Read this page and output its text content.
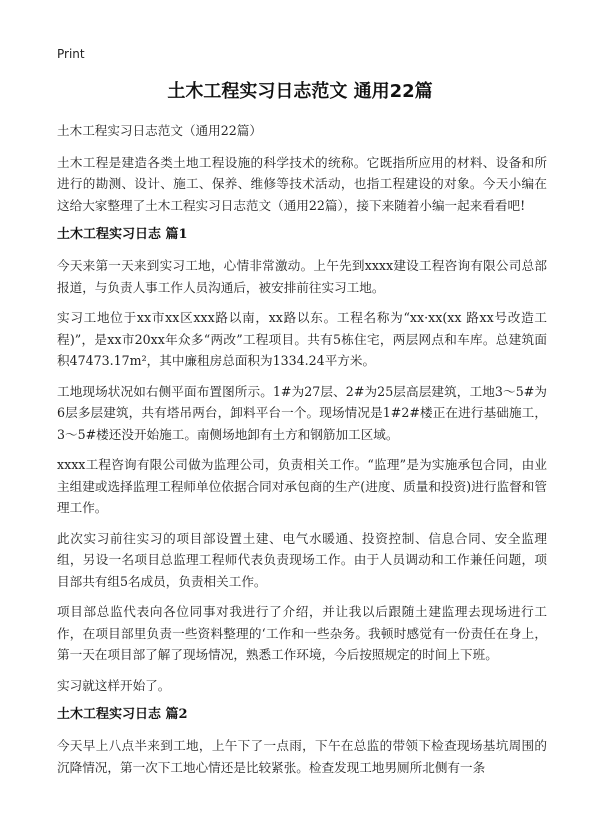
Print
土木工程实习日志范文 通用22篇

土木工程实习日志范文（通用22篇）

土木工程是建造各类土地工程设施的科学技术的统称。它既指所应用的材料、设备和所进行的勘测、设计、施工、保养、维修等技术活动，也指工程建设的对象。今天小编在这给大家整理了土木工程实习日志范文（通用22篇），接下来随着小编一起来看看吧!

土木工程实习日志 篇1

今天来第一天来到实习工地，心情非常激动。上午先到xxxx建设工程咨询有限公司总部报道，与负责人事工作人员沟通后，被安排前往实习工地。

实习工地位于xx市xx区xxx路以南，xx路以东。工程名称为“xx·xx(xx 路xx号改造工程)”，是xx市20xx年众多“两改”工程项目。共有5栋住宅，两层网点和车库。总建筑面积47473.17m²，其中廉租房总面积为1334.24平方米。

工地现场状况如右侧平面布置图所示。1#为27层、2#为25层高层建筑，工地3～5#为6层多层建筑，共有塔吊两台，卸料平台一个。现场情况是1#2#楼正在进行基础施工，3～5#楼还没开始施工。南侧场地卸有土方和钢筋加工区域。

xxxx工程咨询有限公司做为监理公司，负责相关工作。“监理”是为实施承包合同，由业主组建或选择监理工程师单位依据合同对承包商的生产(进度、质量和投资)进行监督和管理工作。

此次实习前往实习的项目部设置土建、电气水暖通、投资控制、信息合同、安全监理组，另设一名项目总监理工程师代表负责现场工作。由于人员调动和工作兼任问题，项目部共有组5名成员，负责相关工作。

项目部总监代表向各位同事对我进行了介绍，并让我以后跟随土建监理去现场进行工作，在项目部里负责一些资料整理的‘工作和一些杂务。我顿时感觉有一份责任在身上，第一天在项目部了解了现场情况，熟悉工作环境，今后按照规定的时间上下班。

实习就这样开始了。

土木工程实习日志 篇2

今天早上八点半来到工地，上午下了一点雨，下午在总监的带领下检查现场基坑周围的沉降情况，第一次下工地心情还是比较紧张。检查发现工地男厕所北侧有一条
